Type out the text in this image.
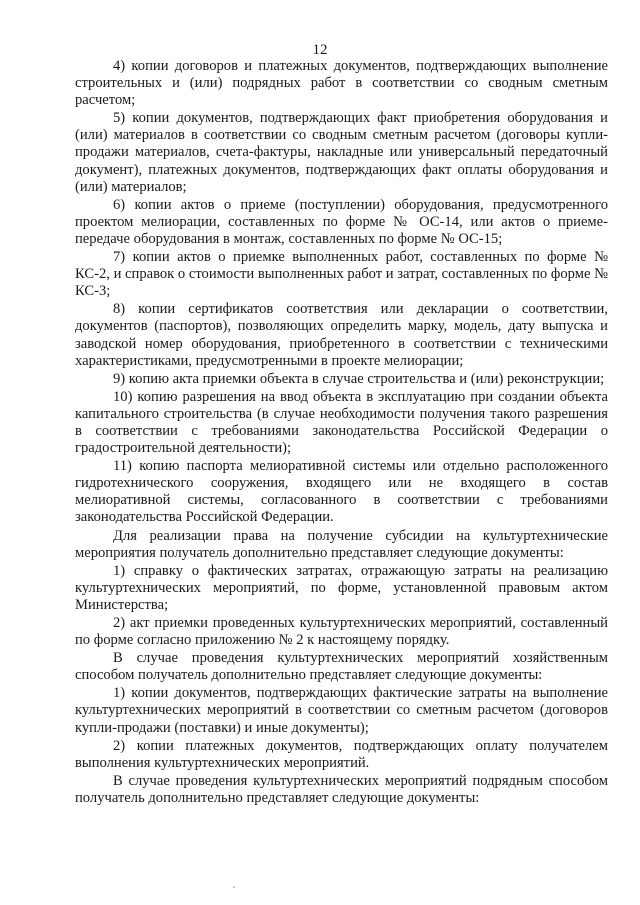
12

4) копии договоров и платежных документов, подтверждающих выполнение строительных и (или) подрядных работ в соответствии со сводным сметным расчетом;

5) копии документов, подтверждающих факт приобретения оборудования и (или) материалов в соответствии со сводным сметным расчетом (договоры купли-продажи материалов, счета-фактуры, накладные или универсальный передаточный документ), платежных документов, подтверждающих факт оплаты оборудования и (или) материалов;

6) копии актов о приеме (поступлении) оборудования, предусмотренного проектом мелиорации, составленных по форме № ОС-14, или актов о приеме-передаче оборудования в монтаж, составленных по форме № ОС-15;

7) копии актов о приемке выполненных работ, составленных по форме № КС-2, и справок о стоимости выполненных работ и затрат, составленных по форме № КС-3;

8) копии сертификатов соответствия или декларации о соответствии, документов (паспортов), позволяющих определить марку, модель, дату выпуска и заводской номер оборудования, приобретенного в соответствии с техническими характеристиками, предусмотренными в проекте мелиорации;

9) копию акта приемки объекта в случае строительства и (или) реконструкции;

10) копию разрешения на ввод объекта в эксплуатацию при создании объекта капитального строительства (в случае необходимости получения такого разрешения в соответствии с требованиями законодательства Российской Федерации о градостроительной деятельности);

11) копию паспорта мелиоративной системы или отдельно расположенного гидротехнического сооружения, входящего или не входящего в состав мелиоративной системы, согласованного в соответствии с требованиями законодательства Российской Федерации.

Для реализации права на получение субсидии на культуртехнические мероприятия получатель дополнительно представляет следующие документы:

1) справку о фактических затратах, отражающую затраты на реализацию культуртехнических мероприятий, по форме, установленной правовым актом Министерства;

2) акт приемки проведенных культуртехнических мероприятий, составленный по форме согласно приложению № 2 к настоящему порядку.

В случае проведения культуртехнических мероприятий хозяйственным способом получатель дополнительно представляет следующие документы:

1) копии документов, подтверждающих фактические затраты на выполнение культуртехнических мероприятий в соответствии со сметным расчетом (договоров купли-продажи (поставки) и иные документы);

2) копии платежных документов, подтверждающих оплату получателем выполнения культуртехнических мероприятий.

В случае проведения культуртехнических мероприятий подрядным способом получатель дополнительно представляет следующие документы:
